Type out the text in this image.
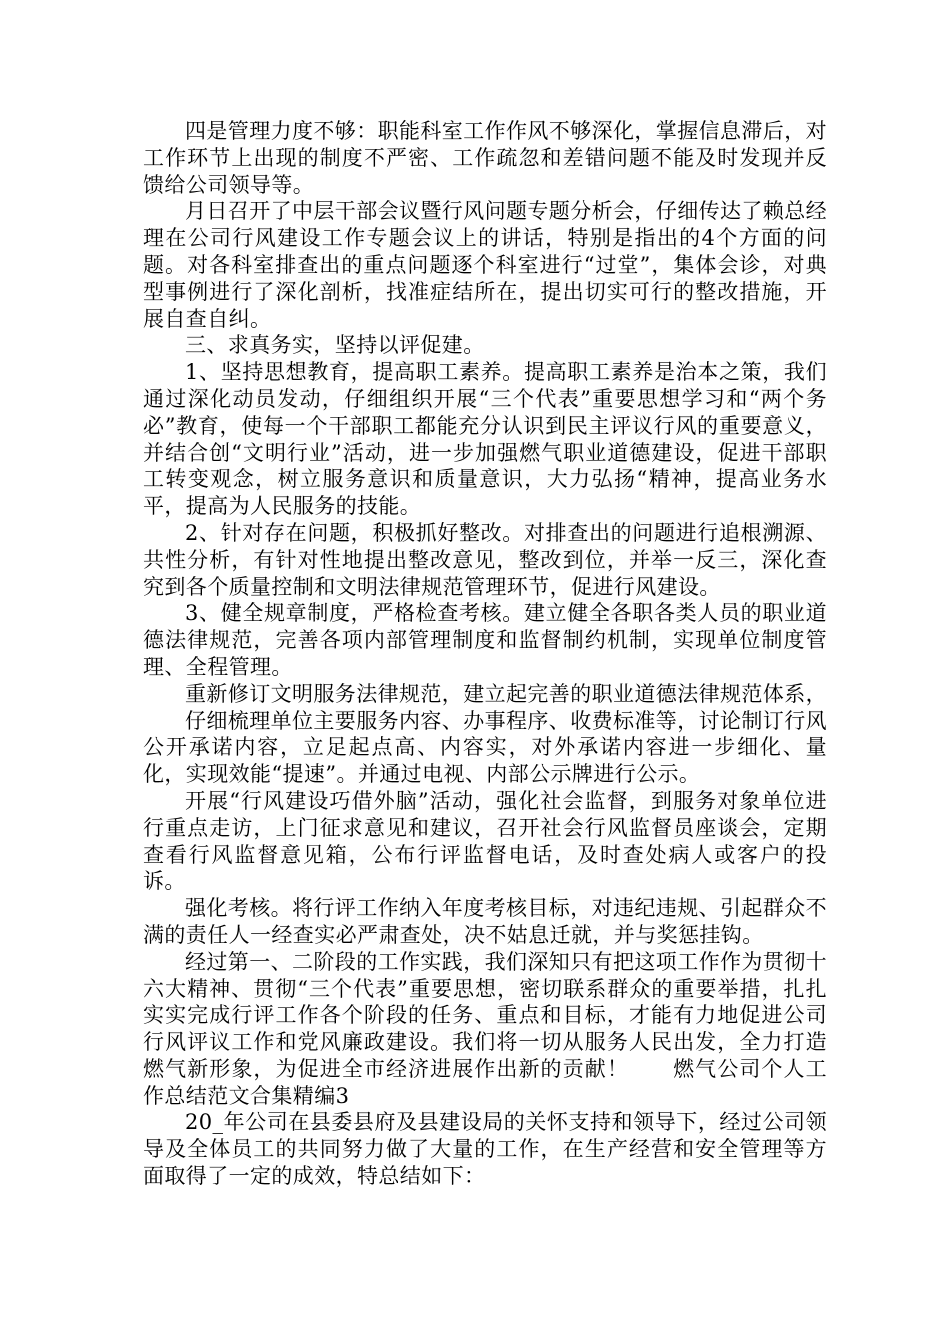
四是管理力度不够：职能科室工作作风不够深化，掌握信息滞后，对工作环节上出现的制度不严密、工作疏忽和差错问题不能及时发现并反馈给公司领导等。

月日召开了中层干部会议暨行风问题专题分析会，仔细传达了赖总经理在公司行风建设工作专题会议上的讲话，特别是指出的4个方面的问题。对各科室排查出的重点问题逐个科室进行“过堂”，集体会诊，对典型事例进行了深化剖析，找准症结所在，提出切实可行的整改措施，开展自查自纠。

三、求真务实，坚持以评促建。

1、坚持思想教育，提高职工素养。提高职工素养是治本之策，我们通过深化动员发动，仔细组织开展“三个代表”重要思想学习和“两个务必”教育，使每一个干部职工都能充分认识到民主评议行风的重要意义，并结合创“文明行业”活动，进一步加强燃气职业道德建设，促进干部职工转变观念，树立服务意识和质量意识，大力弘扬“精神，提高业务水平，提高为人民服务的技能。

2、针对存在问题，积极抓好整改。对排查出的问题进行追根溯源、共性分析，有针对性地提出整改意见，整改到位，并举一反三，深化查究到各个质量控制和文明法律规范管理环节，促进行风建设。

3、健全规章制度，严格检查考核。建立健全各职各类人员的职业道德法律规范，完善各项内部管理制度和监督制约机制，实现单位制度管理、全程管理。

重新修订文明服务法律规范，建立起完善的职业道德法律规范体系，

仔细梳理单位主要服务内容、办事程序、收费标准等，讨论制订行风公开承诺内容，立足起点高、内容实，对外承诺内容进一步细化、量化，实现效能“提速”。并通过电视、内部公示牌进行公示。

开展“行风建设巧借外脑”活动，强化社会监督，到服务对象单位进行重点走访，上门征求意见和建议，召开社会行风监督员座谈会，定期查看行风监督意见箱，公布行评监督电话，及时查处病人或客户的投诉。

强化考核。将行评工作纳入年度考核目标，对违纪违规、引起群众不满的责任人一经查实必严肃查处，决不姑息迁就，并与奖惩挂钩。

经过第一、二阶段的工作实践，我们深知只有把这项工作作为贯彻十六大精神、贯彻“三个代表”重要思想，密切联系群众的重要举措，扎扎实实完成行评工作各个阶段的任务、重点和目标，才能有力地促进公司行风评议工作和党风廉政建设。我们将一切从服务人民出发，全力打造燃气新形象，为促进全市经济进展作出新的贡献！　　燃气公司个人工作总结范文合集精编3

20_年公司在县委县府及县建设局的关怀支持和领导下，经过公司领导及全体员工的共同努力做了大量的工作，在生产经营和安全管理等方面取得了一定的成效，特总结如下：
